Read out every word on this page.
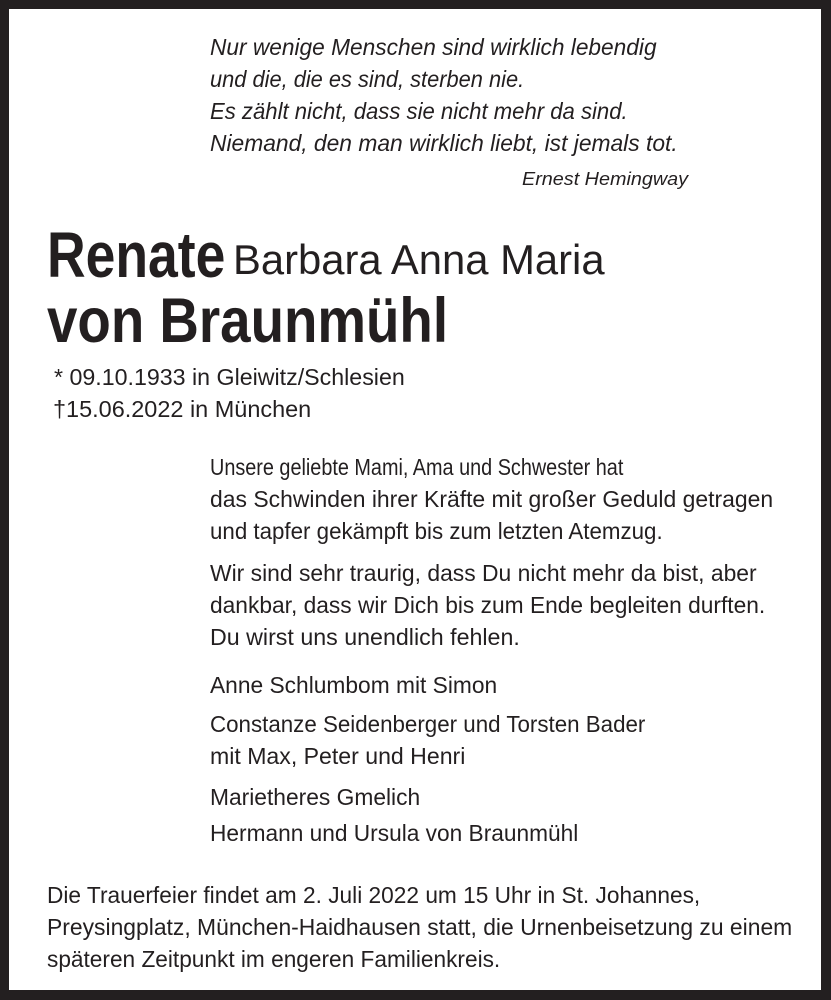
Nur wenige Menschen sind wirklich lebendig
und die, die es sind, sterben nie.
Es zählt nicht, dass sie nicht mehr da sind.
Niemand, den man wirklich liebt, ist jemals tot.
Ernest Hemingway
Renate Barbara Anna Maria
von Braunmühl
* 09.10.1933 in Gleiwitz/Schlesien
†15.06.2022 in München
Unsere geliebte Mami, Ama und Schwester hat
das Schwinden ihrer Kräfte mit großer Geduld getragen
und tapfer gekämpft bis zum letzten Atemzug.
Wir sind sehr traurig, dass Du nicht mehr da bist, aber
dankbar, dass wir Dich bis zum Ende begleiten durften.
Du wirst uns unendlich fehlen.
Anne Schlumbom mit Simon
Constanze Seidenberger und Torsten Bader
mit Max, Peter und Henri
Marietheres Gmelich
Hermann und Ursula von Braunmühl
Die Trauerfeier findet am 2. Juli 2022 um 15 Uhr in St. Johannes,
Preysingplatz, München-Haidhausen statt, die Urnenbeisetzung zu einem
späteren Zeitpunkt im engeren Familienkreis.
